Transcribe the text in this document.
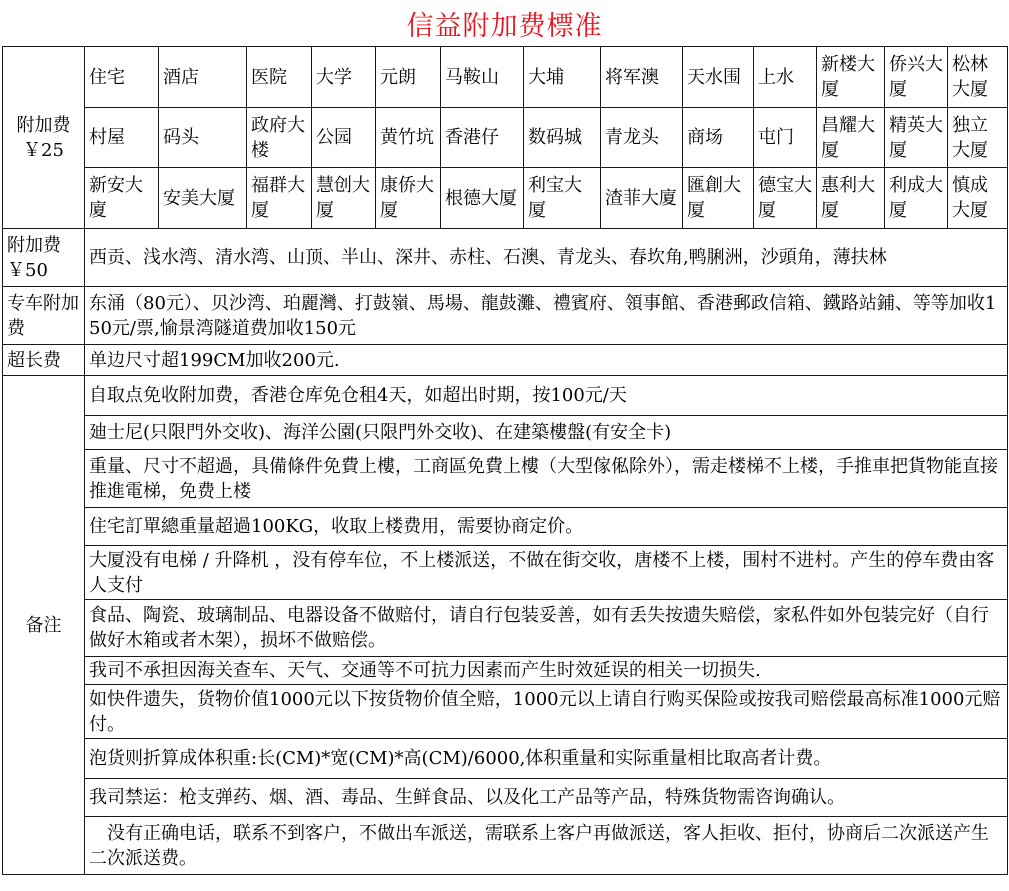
信益附加费標准
附加费
￥25	住宅	酒店	医院	大学	元朗	马鞍山	大埔	将军澳	天水围	上水	新楼大厦	侨兴大厦	松林大厦
	村屋	码头	政府大楼	公园	黄竹坑	香港仔	数码城	青龙头	商场	屯门	昌耀大厦	精英大厦	独立大厦
	新安大廈	安美大厦	福群大厦	慧创大厦	康侨大厦	根德大厦	利宝大厦	渣菲大廈	匯創大厦	德宝大厦	惠利大厦	利成大厦	慎成大厦

附加费
￥50	西贡、浅水湾、清水湾、山顶、半山、深井、赤柱、石澳、青龙头、春坎角,鸭脷洲，沙頭角，薄扶林												
专车附加费	东涌（80元）、贝沙湾、珀麗灣、打鼓嶺、馬場、龍鼓灘、禮賓府、領事館、香港郵政信箱、鐵路站鋪、等等加收150元/票,愉景湾隧道费加收150元												
超长费	单边尺寸超199CM加收200元.												
备注	自取点免收附加费，香港仓库免仓租4天，如超出时期，按100元/天												
	廸士尼(只限門外交收)、海洋公園(只限門外交收)、在建築樓盤(有安全卡)												
	重量、尺寸不超過，具備條件免費上樓，工商區免費上樓（大型傢俬除外），需走楼梯不上楼，手推車把貨物能直接推進電梯，免费上楼												
	住宅訂單總重量超過100KG，收取上楼费用，需要协商定价。												
	大厦没有电梯 / 升降机 ，没有停车位，不上楼派送，不做在街交收，唐楼不上楼，围村不进村。产生的停车费由客人支付												
	食品、陶瓷、玻璃制品、电器设备不做赔付，请自行包装妥善，如有丢失按遗失赔偿，家私件如外包装完好（自行做好木箱或者木架），损坏不做赔偿。												
	我司不承担因海关查车、天气、交通等不可抗力因素而产生时效延误的相关一切损失.												
	如快件遗失，货物价值1000元以下按货物价值全赔，1000元以上请自行购买保险或按我司赔偿最高标准1000元赔付。												
	泡货则折算成体积重:长(CM)*宽(CM)*高(CM)/6000,体积重量和实际重量相比取高者计费。												
	我司禁运：枪支弹药、烟、酒、毒品、生鲜食品、以及化工产品等产品，特殊货物需咨询确认。												
	没有正确电话，联系不到客户，不做出车派送，需联系上客户再做派送，客人拒收、拒付，协商后二次派送产生二次派送费。												
